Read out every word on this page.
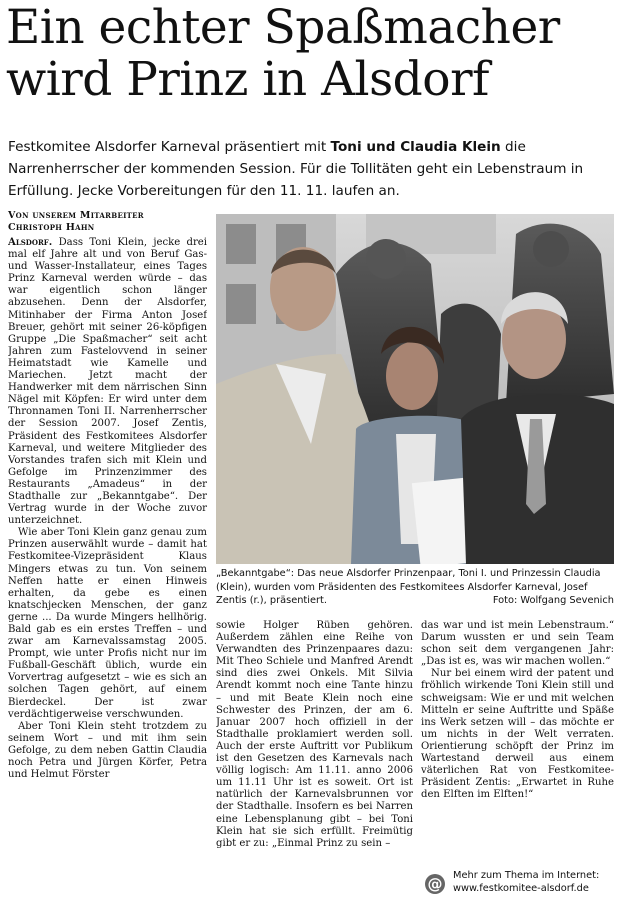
Ein echter Spaßmacher wird Prinz in Alsdorf
Festkomitee Alsdorfer Karneval präsentiert mit Toni und Claudia Klein die Narrenherrscher der kommenden Session. Für die Tollitäten geht ein Lebenstraum in Erfüllung. Jecke Vorbereitungen für den 11. 11. laufen an.
Von unserem Mitarbeiter
Christoph Hahn

Alsdorf. Dass Toni Klein, jecke drei mal elf Jahre alt und von Beruf Gas- und Wasser-Installateur, eines Tages Prinz Karneval werden würde – das war eigentlich schon länger abzusehen. Denn der Alsdorfer, Mitinhaber der Firma Anton Josef Breuer, gehört mit seiner 26-köpfigen Gruppe „Die Spaßmacher“ seit acht Jahren zum Fastelovvend in seiner Heimatstadt wie Kamelle und Mariechen. Jetzt macht der Handwerker mit dem närrischen Sinn Nägel mit Köpfen: Er wird unter dem Thronnamen Toni II. Narrenherrscher der Session 2007. Josef Zentis, Präsident des Festkomitees Alsdorfer Karneval, und weitere Mitglieder des Vorstandes trafen sich mit Klein und Gefolge im Prinzenzimmer des Restaurants „Amadeus“ in der Stadthalle zur „Bekanntgabe“. Der Vertrag wurde in der Woche zuvor unterzeichnet.

Wie aber Toni Klein ganz genau zum Prinzen auserwählt wurde – damit hat Festkomitee-Vizepräsident Klaus Mingers etwas zu tun. Von seinem Neffen hatte er einen Hinweis erhalten, da gebe es einen knatschjecken Menschen, der ganz gerne ... Da wurde Mingers hellhörig. Bald gab es ein erstes Treffen – und zwar am Karnevalssamstag 2005. Prompt, wie unter Profis nicht nur im Fußball-Geschäft üblich, wurde ein Vorvertrag aufgesetzt – wie es sich an solchen Tagen gehört, auf einem Bierdeckel. Der ist zwar verdächtigerweise verschwunden.

Aber Toni Klein steht trotzdem zu seinem Wort – und mit ihm sein Gefolge, zu dem neben Gattin Claudia noch Petra und Jürgen Körfer, Petra und Helmut Förster

„Bekanntgabe“: Das neue Alsdorfer Prinzenpaar, Toni I. und Prinzessin Claudia (Klein), wurden vom Präsidenten des Festkomitees Alsdorfer Karneval, Josef Zentis (r.), präsentiert.	Foto: Wolfgang Sevenich

sowie Holger Rüben gehören. Außerdem zählen eine Reihe von Verwandten des Prinzenpaares dazu: Mit Theo Schiele und Manfred Arendt sind dies zwei Onkels. Mit Silvia Arendt kommt noch eine Tante hinzu – und mit Beate Klein noch eine Schwester des Prinzen, der am 6. Januar 2007 hoch offiziell in der Stadthalle proklamiert werden soll. Auch der erste Auftritt vor Publikum ist den Gesetzen des Karnevals nach völlig logisch: Am 11.11. anno 2006 um 11.11 Uhr ist es soweit. Ort ist natürlich der Karnevalsbrunnen vor der Stadthalle. Insofern es bei Narren eine Lebensplanung gibt – bei Toni Klein hat sie sich erfüllt. Freimütig gibt er zu: „Einmal Prinz zu sein –

das war und ist mein Lebenstraum.“ Darum wussten er und sein Team schon seit dem vergangenen Jahr: „Das ist es, was wir machen wollen.“

Nur bei einem wird der patent und fröhlich wirkende Toni Klein still und schweigsam: Wie er und mit welchen Mitteln er seine Auftritte und Späße ins Werk setzen will – das möchte er um nichts in der Welt verraten. Orientierung schöpft der Prinz im Wartestand derweil aus einem väterlichen Rat von Festkomitee-Präsident Zentis: „Erwartet in Ruhe den Elften im Elften!“

@ Mehr zum Thema im Internet:
www.festkomitee-alsdorf.de
